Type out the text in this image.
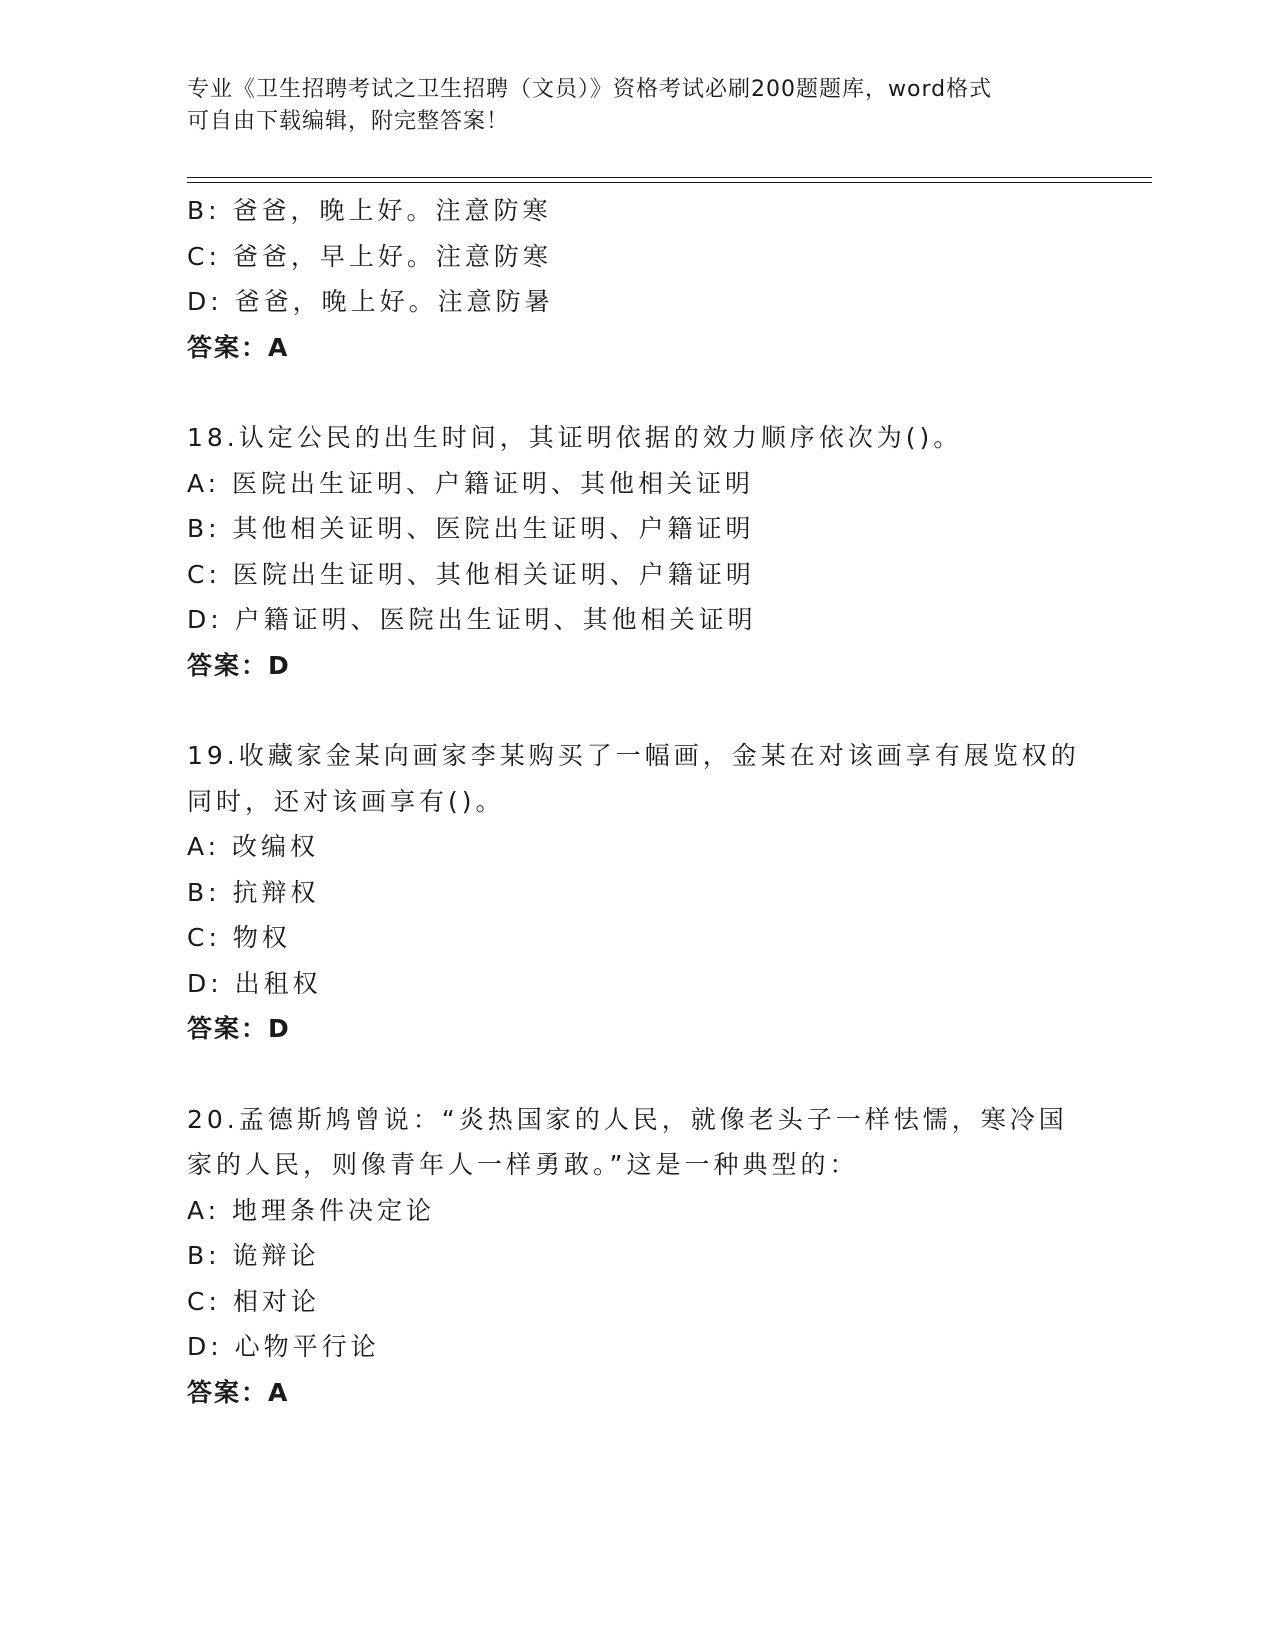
专业《卫生招聘考试之卫生招聘（文员）》资格考试必刷200题题库，word格式
可自由下载编辑，附完整答案！
B: 爸爸，晚上好。注意防寒
C: 爸爸，早上好。注意防寒
D: 爸爸，晚上好。注意防暑
答案：A
18.认定公民的出生时间，其证明依据的效力顺序依次为()。
A: 医院出生证明、户籍证明、其他相关证明
B: 其他相关证明、医院出生证明、户籍证明
C: 医院出生证明、其他相关证明、户籍证明
D: 户籍证明、医院出生证明、其他相关证明
答案：D
19.收藏家金某向画家李某购买了一幅画，金某在对该画享有展览权的
同时，还对该画享有()。
A: 改编权
B: 抗辩权
C: 物权
D: 出租权
答案：D
20.孟德斯鸠曾说：“炎热国家的人民，就像老头子一样怯懦，寒冷国
家的人民，则像青年人一样勇敢。”这是一种典型的：
A: 地理条件决定论
B: 诡辩论
C: 相对论
D: 心物平行论
答案：A
